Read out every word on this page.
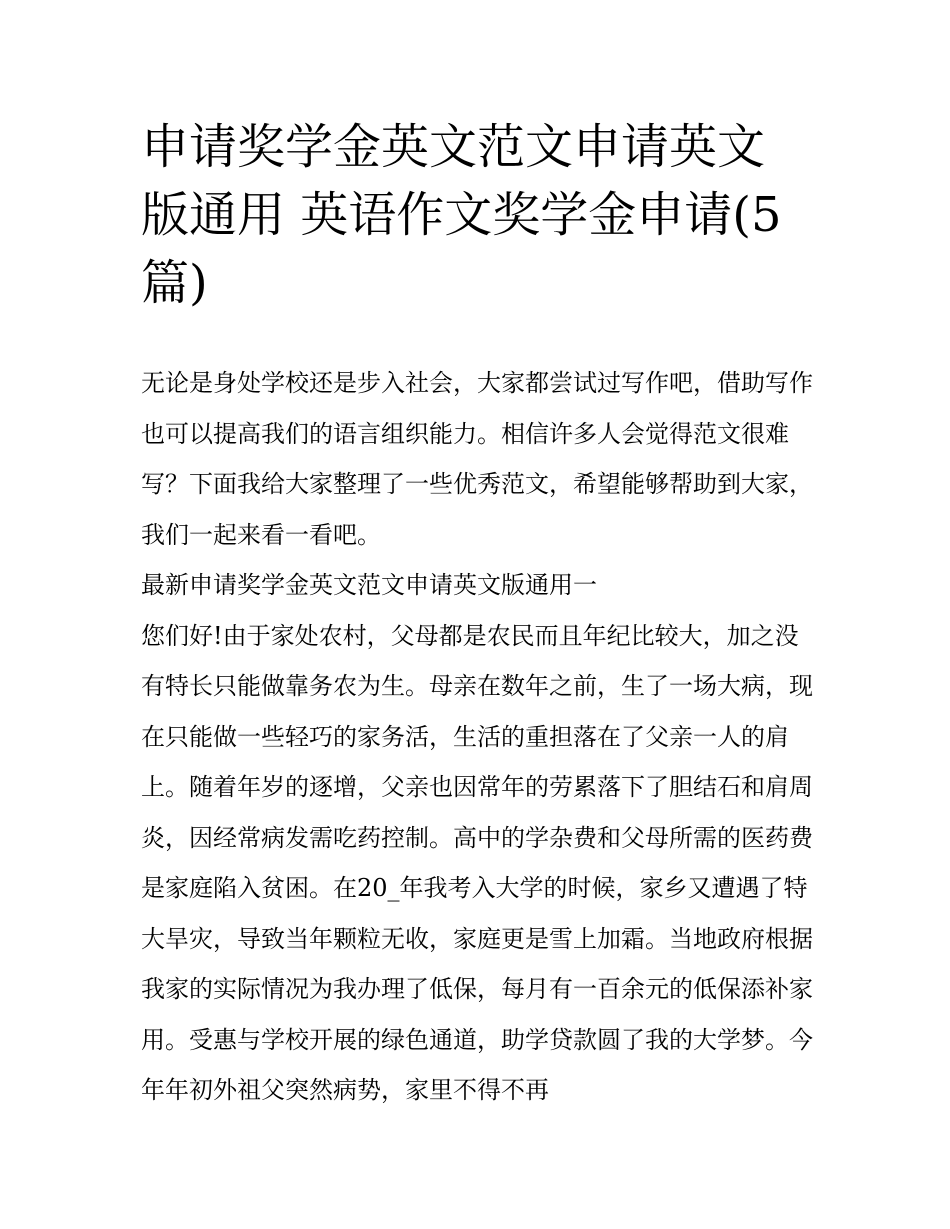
申请奖学金英文范文申请英文版通用 英语作文奖学金申请(5篇)

无论是身处学校还是步入社会，大家都尝试过写作吧，借助写作也可以提高我们的语言组织能力。相信许多人会觉得范文很难写？下面我给大家整理了一些优秀范文，希望能够帮助到大家，我们一起来看一看吧。

最新申请奖学金英文范文申请英文版通用一

您们好!由于家处农村，父母都是农民而且年纪比较大，加之没有特长只能做靠务农为生。母亲在数年之前，生了一场大病，现在只能做一些轻巧的家务活，生活的重担落在了父亲一人的肩上。随着年岁的逐增，父亲也因常年的劳累落下了胆结石和肩周炎，因经常病发需吃药控制。高中的学杂费和父母所需的医药费是家庭陷入贫困。在20_年我考入大学的时候，家乡又遭遇了特大旱灾，导致当年颗粒无收，家庭更是雪上加霜。当地政府根据我家的实际情况为我办理了低保，每月有一百余元的低保添补家用。受惠与学校开展的绿色通道，助学贷款圆了我的大学梦。今年年初外祖父突然病势，家里不得不再
